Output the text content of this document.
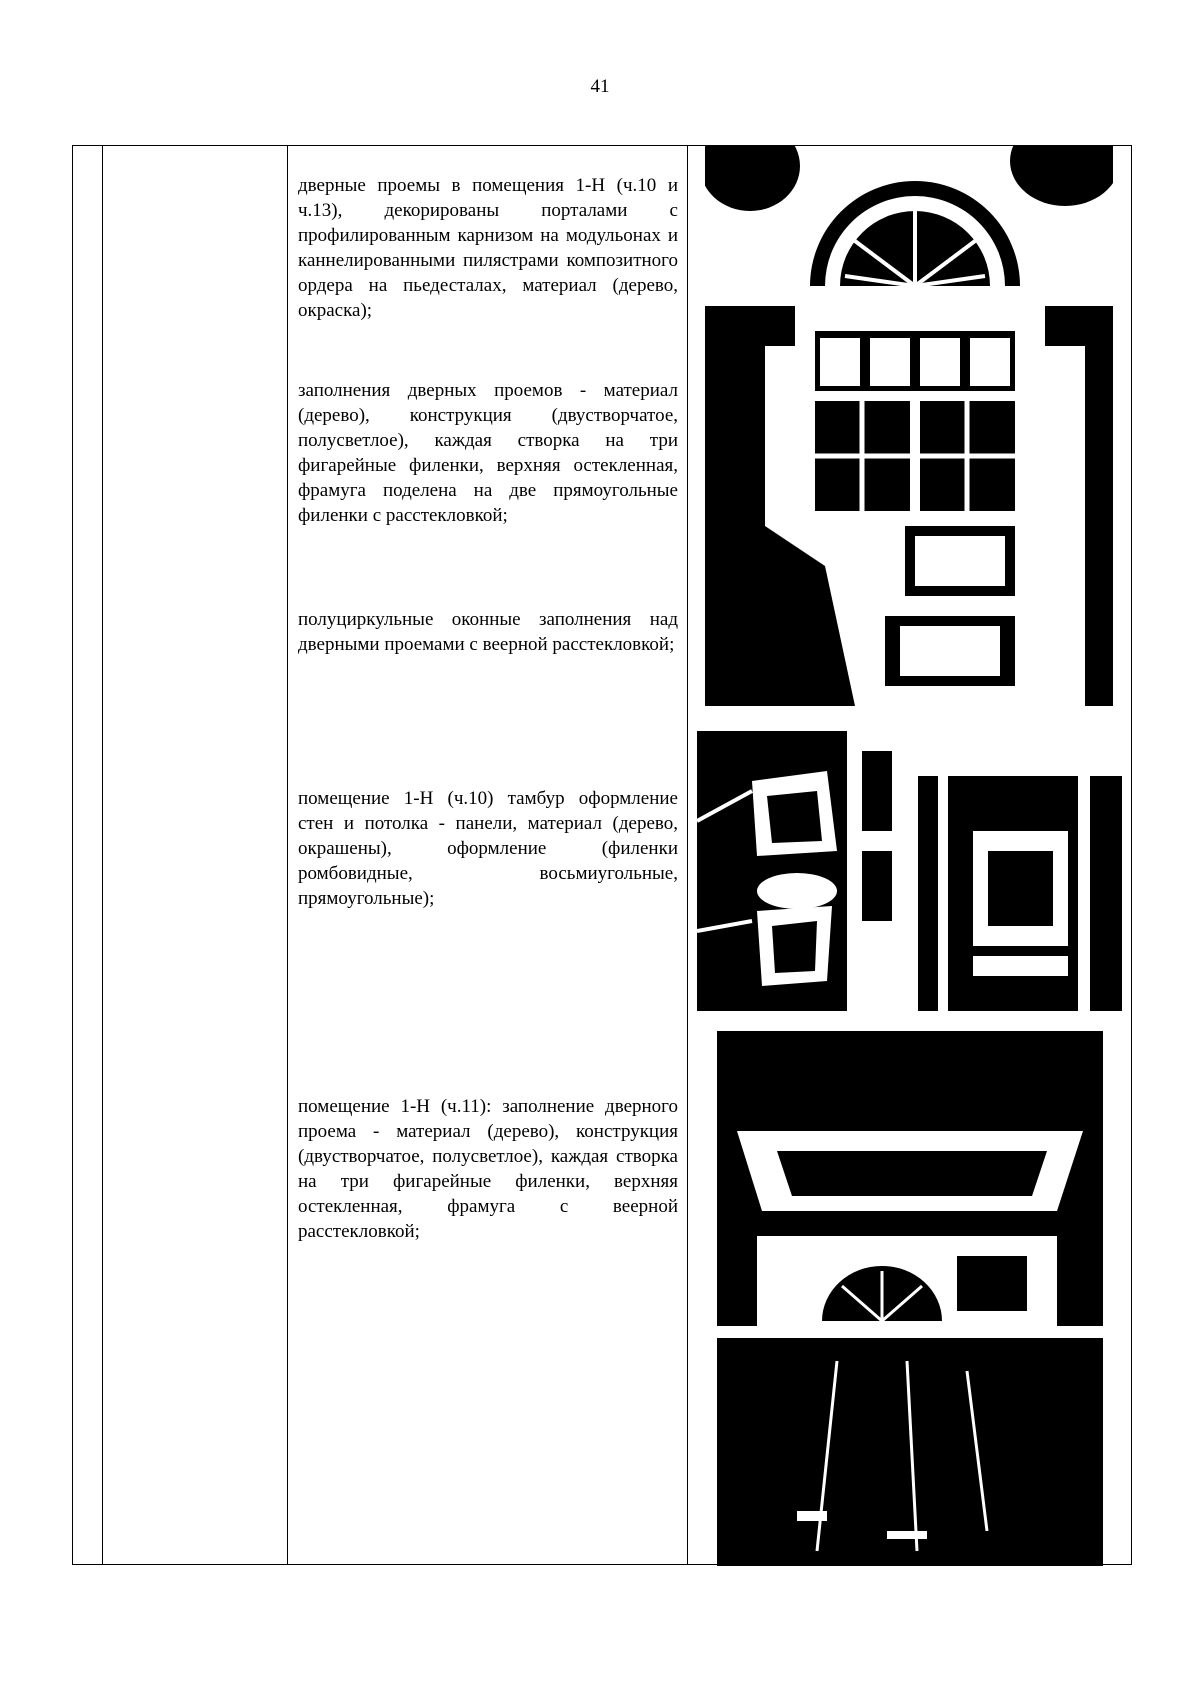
41
дверные проемы в помещения 1-Н (ч.10 и ч.13), декорированы порталами с профилированным карнизом на модульонах и каннелированными пилястрами композитного ордера на пьедесталах, материал (дерево, окраска);
заполнения дверных проемов - материал (дерево), конструкция (двустворчатое, полусветлое), каждая створка на три фигарейные филенки, верхняя остекленная, фрамуга поделена на две прямоугольные филенки с расстекловкой;
полуциркульные оконные заполнения над дверными проемами с веерной расстекловкой;
помещение 1-Н (ч.10) тамбур оформление стен и потолка - панели, материал (дерево, окрашены), оформление (филенки ромбовидные, восьмиугольные, прямоугольные);
помещение 1-Н (ч.11): заполнение дверного проема - материал (дерево), конструкция (двустворчатое, полусветлое), каждая створка на три фигарейные филенки, верхняя остекленная, фрамуга с веерной расстекловкой;
